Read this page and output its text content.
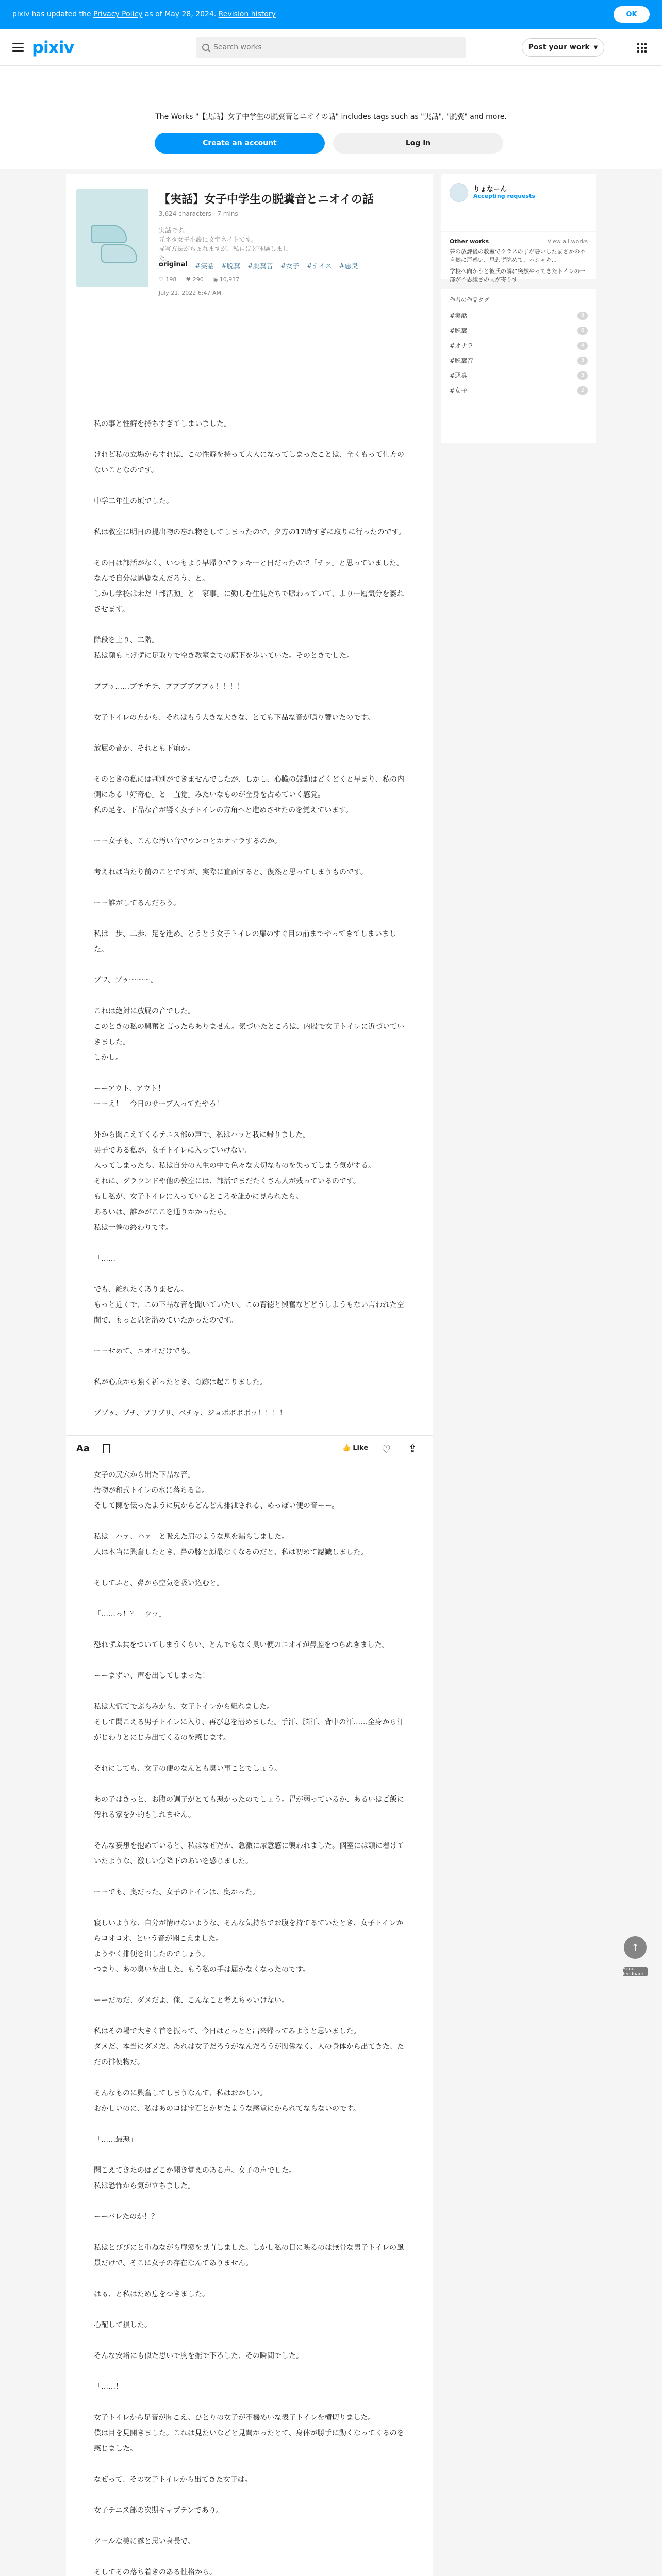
pixiv has updated the Privacy Policy as of May 28, 2024. Revision history	OK
pixiv
Search works	Post your work ▼

The Works "【実話】女子中学生の脱糞音とニオイの話" includes tags such as "実話", "脱糞" and more.

Create an account	Log in
【実話】女子中学生の脱糞音とニオイの話
3,624 characters · 7 mins
実話です。
元ネタ女子小説に文字ネイトです。
描写方法がちょれますが、私自ほど体験しました。
original #実話 #脱糞 #脱糞音 #女子 #ナイス #悪臭
♡ 198 ♥ 290 ◉ 10,917
July 21, 2022 6:47 AM

私の事と性癖を持ちすぎてしまいました。

けれど私の立場からすれば、この性癖を持って大人になってしまったことは、全くもって仕方のないことなのです。

中学二年生の頃でした。

私は教室に明日の提出物の忘れ物をしてしまったので、夕方の17時すぎに取りに行ったのです。

その日は部活がなく、いつもより早帰りでラッキーと日だったので「チッ」と思っていました。なんで自分は馬鹿なんだろう、と。
しかし学校は未だ「部活動」と「家事」に勤しむ生徒たちで賑わっていて、よりー層気分を萎れさせます。

階段を上り、二階。
私は顔も上げずに足取りで空き教室までの廊下を歩いていた。そのときでした。

ブブゥ……ブチチチ、ブブブブブブゥ！！！！

女子トイレの方から、それはもう大きな大きな、とても下品な音が鳴り響いたのです。

放屁の音か、それとも下痢か。

そのときの私には判別ができませんでしたが、しかし、心臓の鼓動はどくどくと早まり、私の内側にある「好奇心」と「直觉」みたいなものが全身を占めていく感覚。
私の足を、下品な音が響く女子トイレの方角へと進めさせたのを覚えています。

ーー女子も、こんな汚い音でウンコとかオナラするのか。

考えれば当たり前のことですが、実際に直面すると、復然と思ってしまうものです。

ーー誰がしてるんだろう。

私は一歩、二歩、足を進め、とうとう女子トイレの扉のすぐ目の前までやってきてしまいました。

ブフ、ブゥ〜〜〜。

これは絶対に放屁の音でした。
このときの私の興奮と言ったらありません。気づいたところは、内股で女子トイレに近づいていきました。
しかし。

ーーアウト、アウト！
ーーえ！　今日のサープ入ってたやろ！

外から聞こえてくるテニス部の声で、私はハッと我に帰りました。
男子である私が、女子トイレに入っていけない。
入ってしまったら、私は自分の人生の中で色々な大切なものを失ってしまう気がする。
それに、グラウンドや他の教室には、部活でまだたくさん人が残っているのです。
もし私が、女子トイレに入っているところを誰かに見られたら。
あるいは、誰かがここを通りかかったら。
私は一巻の終わりです。

「……」

でも、離れたくありません。
もっと近くで、この下品な音を聞いていたい。この背徳と興奮などどうしようもない言われた空間で、もっと息を潜めていたかったのです。

ーーせめて、ニオイだけでも。

私が心底から強く祈ったとき、奇跡は起こりました。

ブブゥ、ブチ、ブリブリ、ベチャ、ジョボボボボッ！！！！

女子の尻穴から出た下品な音。
汚物が和式トイレの水に落ちる音。
そして陳を伝ったように尻からどんどん排泄される、めっぽい便の音ーー。

私は「ハァ、ハァ」と吸えた肩のような息を漏らしました。
人は本当に興奮したとき、鼻の膝と顔最なくなるのだと、私は初めて認識しました。

そしてふと、鼻から空気を吸い込むと。

「……っ！？　ウッ」

恐れずふ共をついてしまうくらい、とんでもなく臭い便のニオイが鼻腔をつらぬきました。

ーーまずい、声を出してしまった！

私は大慌てでぶらみから、女子トイレから離れました。
そして聞こえる男子トイレに入り、再び息を潜めました。手汗、脳汗、背中の汗……全身から汗がじわりとにじみ出てくるのを感じます。

それにしても、女子の便のなんとも臭い事ことでしょう。

あの子はきっと、お腹の調子がとても悪かったのでしょう。胃が弱っているか、あるいはご飯に汚れる家を外的もしれません。

そんな妄想を抱めていると、私はなぜだか、急激に尿意感に襲われました。個室には頭に着けていたような、激しい急降下のあいを感じました。

ーーでも、奥だった、女子のトイレは、奥かった。

寝しいような、自分が情けないような、そんな気持ちでお腹を持てるていたとき、女子トイレからコオコオ、という音が聞こえました。
ようやく排便を出したのでしょう。
つまり、あの臭いを出した、もう私の手は届かなくなったのです。

ーーだめだ、ダメだよ、俺、こんなこと考えちゃいけない。

私はその場で大きく首を振って、今日はとっとと出来帰ってみようと思いました。
ダメだ、本当にダメだ。あれは女子だろうがなんだろうが関係なく、人の身体から出てきた、ただの排便物だ。

そんなものに興奮してしまうなんて、私はおかしい。
おかしいのに、私はあのコは宝石とか見たような感覚にかられてならないのです。

「……最悪」

聞こえてきたのはどこか聞き覚えのある声。女子の声でした。
私は恐怖から気が立ちました。

ーーバレたのか！？

私はとびびにと重ねながら扉窓を見直しました。しかし私の目に映るのは無骨な男子トイレの風景だけで、そこに女子の存在なんてありません。

はぁ、と私はため息をつきました。

心配して損した。

そんな安堵にも似た思いで胸を撫で下ろした、その瞬間でした。

「……！」

女子トイレから足音が聞こえ、ひとりの女子が不機めいな表子トイレを横切りました。
僕は目を見開きました。これは見たいなどと見間かったとて、身体が勝手に動くなってくるのを感じました。

なぜって、その女子トイレから出てきた女子は。

女子テニス部の次期キャプテンであり。

クールな美に露と思い身長で。

そしてその落ち着きのある性格から。

Aa	👍 Like ♡ ⇪
りょなーん
Accepting requests
Other works	View all works
夢の放課後の教室でクラスの子が暑いしたまさかの不自然に戸惑い、思わず眺めて、パシャキ...
学校へ向かうと彼氏の隣に突然やってきたトイレの一部が不思議さの同が寄りす
作者の作品タグ
#実話	8
#脱糞	6
#オナラ	4
#脱糞音	3
#悪臭	3
#女子	2
↑
Send feedback
